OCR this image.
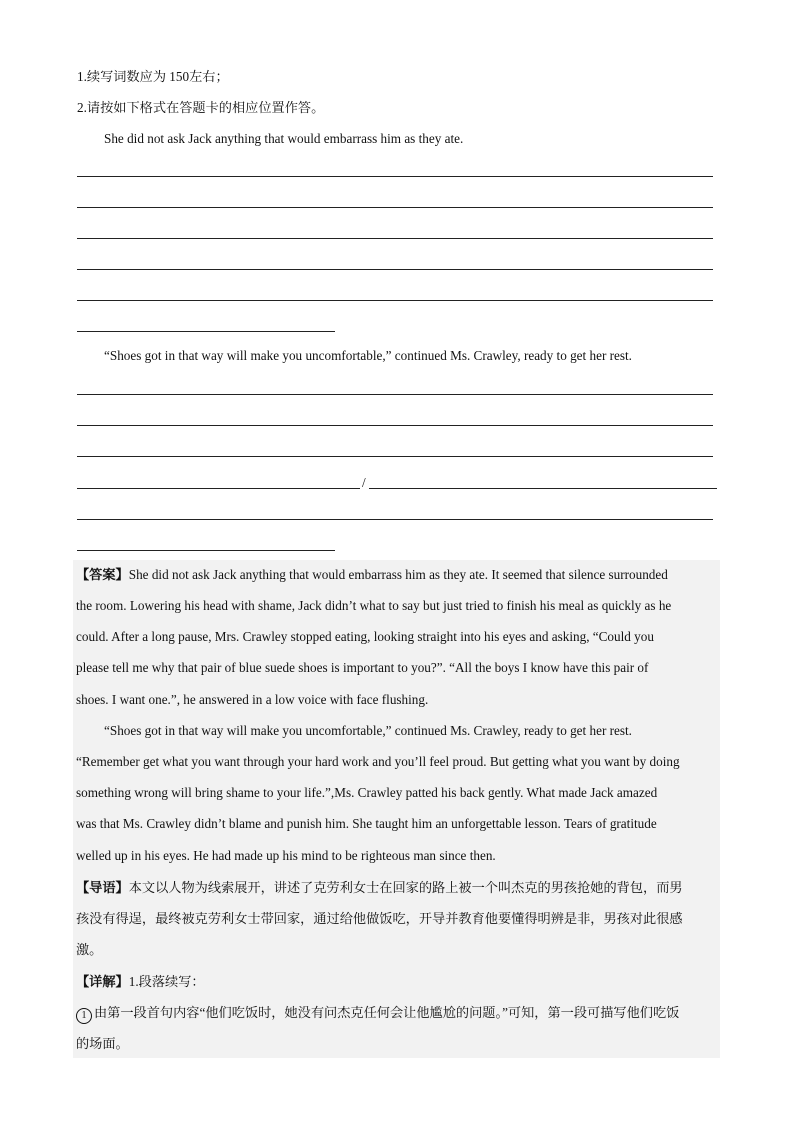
1.续写词数应为 150左右；
2.请按如下格式在答题卡的相应位置作答。
She did not ask Jack anything that would embarrass him as they ate.
“Shoes got in that way will make you uncomfortable,” continued Ms. Crawley, ready to get her rest.
/
【答案】She did not ask Jack anything that would embarrass him as they ate. It seemed that silence surrounded
the room. Lowering his head with shame, Jack didn’t what to say but just tried to finish his meal as quickly as he
could. After a long pause, Mrs. Crawley stopped eating, looking straight into his eyes and asking, “Could you
please tell me why that pair of blue suede shoes is important to you?”. “All the boys I know have this pair of
shoes. I want one.”, he answered in a low voice with face flushing.
“Shoes got in that way will make you uncomfortable,” continued Ms. Crawley, ready to get her rest.
“Remember get what you want through your hard work and you’ll feel proud. But getting what you want by doing
something wrong will bring shame to your life.”,Ms. Crawley patted his back gently. What made Jack amazed
was that Ms. Crawley didn’t blame and punish him. She taught him an unforgettable lesson. Tears of gratitude
welled up in his eyes. He had made up his mind to be righteous man since then.
【导语】本文以人物为线索展开，讲述了克劳利女士在回家的路上被一个叫杰克的男孩抢她的背包，而男
孩没有得逞，最终被克劳利女士带回家，通过给他做饭吃，开导并教育他要懂得明辨是非，男孩对此很感
激。
【详解】1.段落续写：
1 由第一段首句内容“他们吃饭时，她没有问杰克任何会让他尴尬的问题。”可知，第一段可描写他们吃饭
的场面。
